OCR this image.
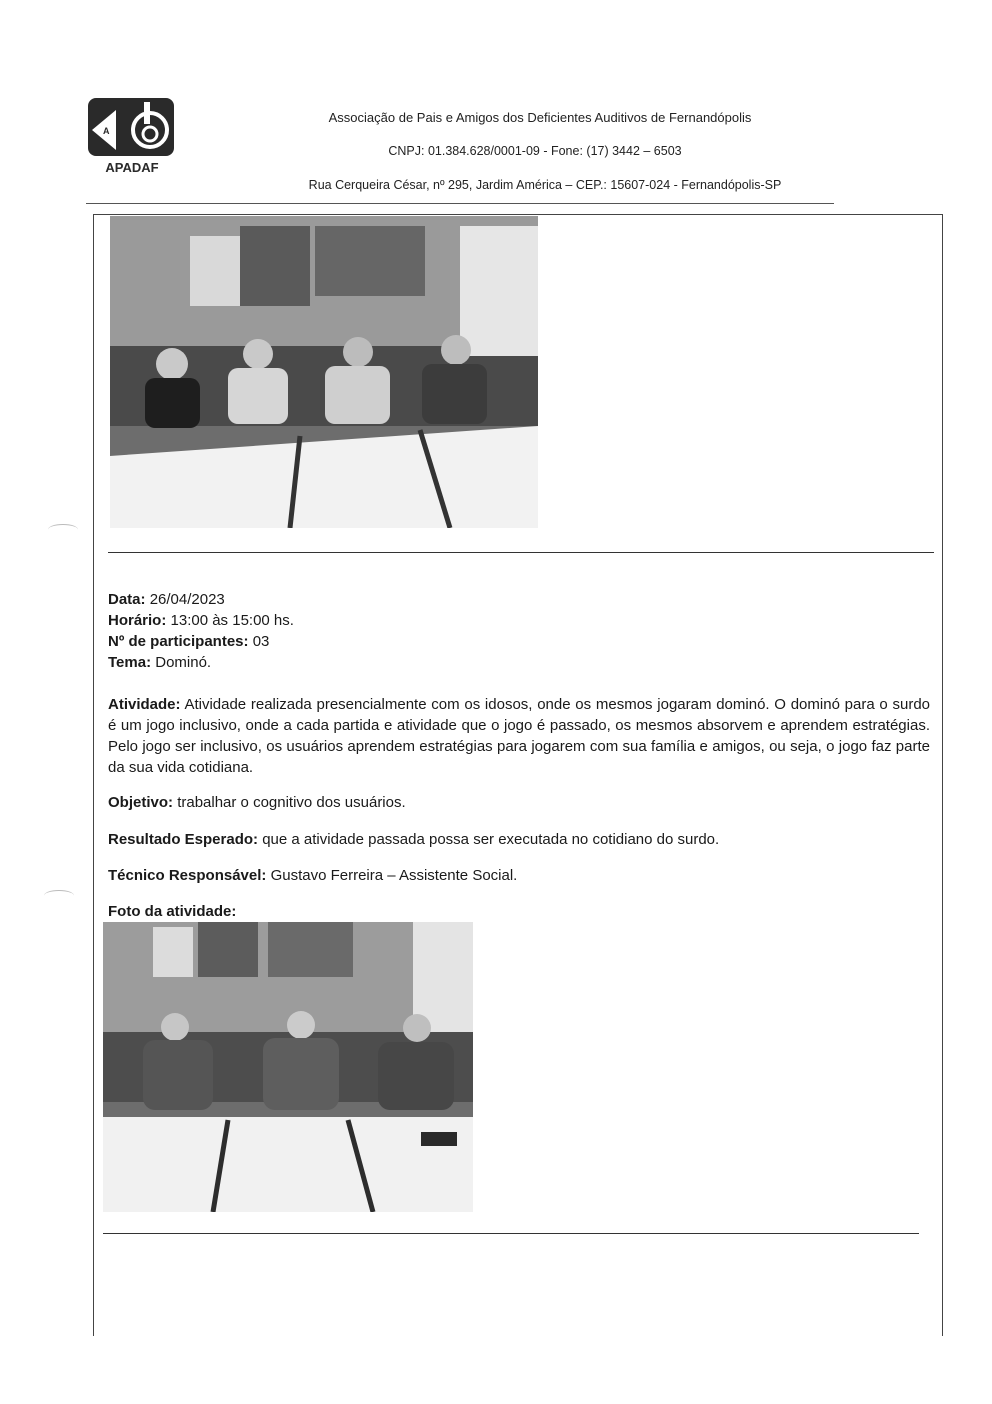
A
APADAF
Associação de Pais e Amigos dos Deficientes Auditivos de Fernandópolis
CNPJ: 01.384.628/0001-09 - Fone: (17) 3442 – 6503
Rua Cerqueira César, nº 295, Jardim América – CEP.: 15607-024 - Fernandópolis-SP
Data: 26/04/2023
Horário: 13:00 às 15:00 hs.
Nº de participantes: 03
Tema: Dominó.
Atividade: Atividade realizada presencialmente com os idosos, onde os mesmos jogaram dominó. O dominó para o surdo é um jogo inclusivo, onde a cada partida e atividade que o jogo é passado, os mesmos absorvem e aprendem estratégias. Pelo jogo ser inclusivo, os usuários aprendem estratégias para jogarem com sua família e amigos, ou seja, o jogo faz parte da sua vida cotidiana.
Objetivo: trabalhar o cognitivo dos usuários.
Resultado Esperado: que a atividade passada possa ser executada no cotidiano do surdo.
Técnico Responsável: Gustavo Ferreira – Assistente Social.
Foto da atividade:
